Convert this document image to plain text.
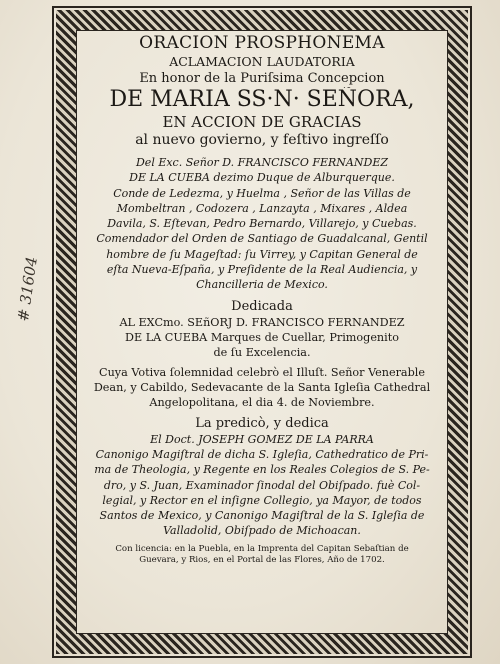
# 31604
ORACION PROSPHONEMA
ACLAMACION LAUDATORIA
En honor de la Puriſsima Concepcion
DE MARIA SS·N· SEÑORA,
EN ACCION DE GRACIAS
al nuevo govierno, y feſtivo ingreſſo
Del Exc. Señor D. FRANCISCO FERNANDEZ
DE LA CUEBA dezimo Duque de Alburquerque.
Conde de Ledezma, y Huelma , Señor de las Villas de
Mombeltran , Codozera , Lanzayta , Mixares , Aldea
Davila, S. Eſtevan, Pedro Bernardo, Villarejo, y Cuebas.
Comendador del Orden de Santiago de Guadalcanal, Gentil
hombre de ſu Mageſtad: ſu Virrey, y Capitan General de
eſta Nueva-Eſpaña, y Preſidente de la Real Audiencia, y
Chancilleria de Mexico.
Dedicada
AL EXCmo. SEñORJ D. FRANCISCO FERNANDEZ
DE LA CUEBA Marques de Cuellar, Primogenito
de ſu Excelencia.
Cuya Votiva ſolemnidad celebrò el Illuſt. Señor Venerable
Dean, y Cabildo, Sedevacante de la Santa Igleſia Cathedral
Angelopolitana, el dia 4. de Noviembre.
La predicò, y dedica
El Doct. JOSEPH GOMEZ DE LA PARRA
Canonigo Magiſtral de dicha S. Igleſia, Cathedratico de Pri-
ma de Theologia, y Regente en los Reales Colegios de S. Pe-
dro, y S. Juan, Examinador ſinodal del Obiſpado. fuè Col-
legial, y Rector en el inſigne Collegio, ya Mayor, de todos
Santos de Mexico, y Canonigo Magiſtral de la S. Igleſia de
Valladolid, Obiſpado de Michoacan.
Con licencia: en la Puebla, en la Imprenta del Capitan Sebaſtian de
Guevara, y Rios, en el Portal de las Flores, Año de 1702.
